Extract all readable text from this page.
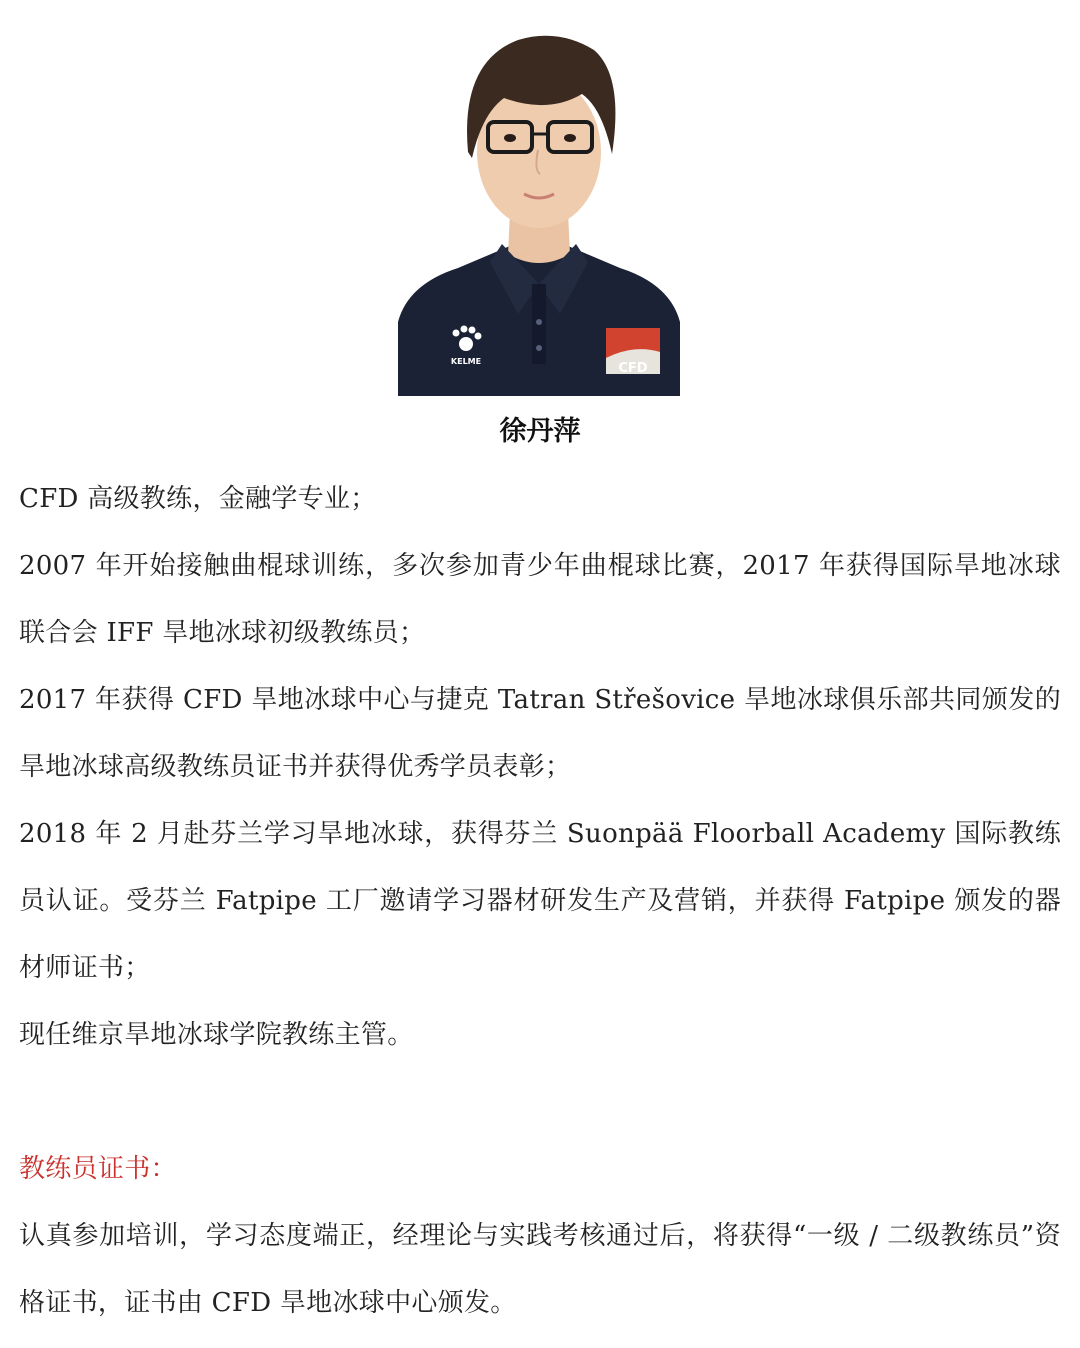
KELME	CFD
徐丹萍

CFD 高级教练，金融学专业；

2007 年开始接触曲棍球训练，多次参加青少年曲棍球比赛，2017 年获得国际旱地冰球联合会 IFF 旱地冰球初级教练员；

2017 年获得 CFD 旱地冰球中心与捷克 Tatran Střešovice 旱地冰球俱乐部共同颁发的旱地冰球高级教练员证书并获得优秀学员表彰；

2018 年 2 月赴芬兰学习旱地冰球，获得芬兰 Suonpää Floorball Academy 国际教练员认证。受芬兰 Fatpipe 工厂邀请学习器材研发生产及营销，并获得 Fatpipe 颁发的器材师证书；

现任维京旱地冰球学院教练主管。

教练员证书：

认真参加培训，学习态度端正，经理论与实践考核通过后，将获得“一级 / 二级教练员”资格证书，证书由 CFD 旱地冰球中心颁发。
